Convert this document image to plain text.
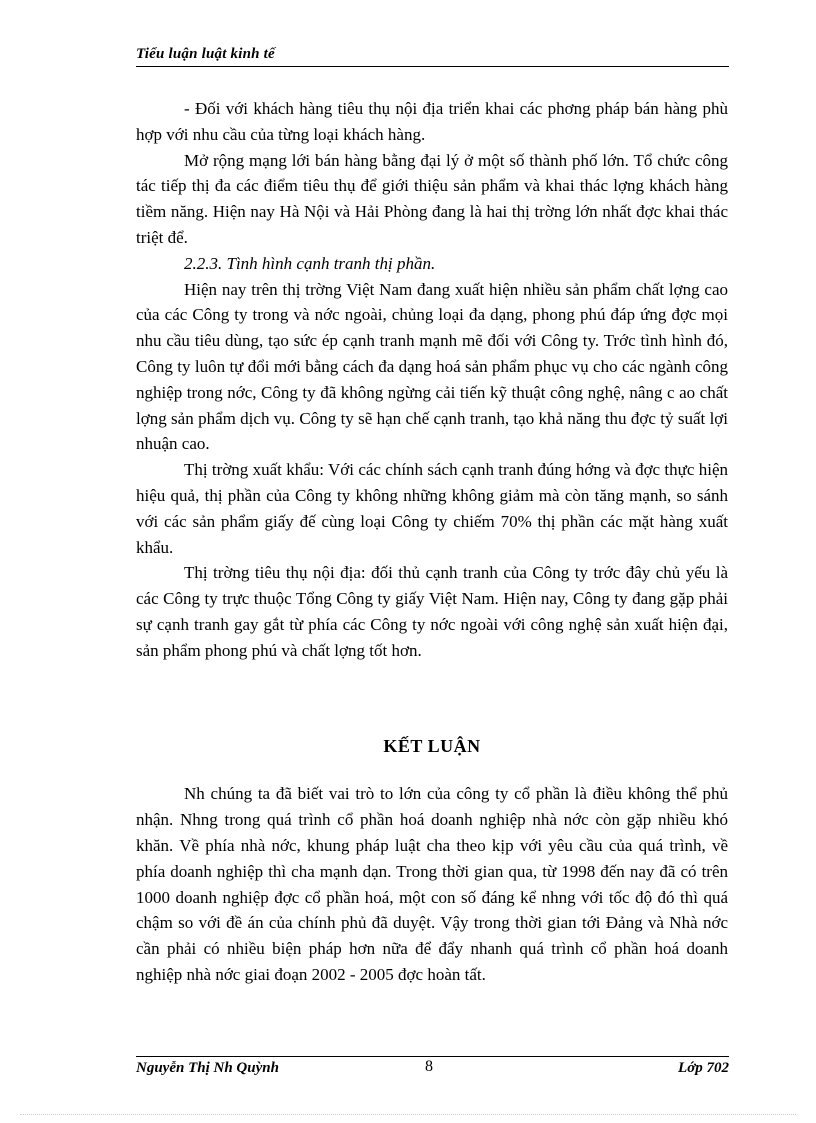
Tiểu luận luật kinh tế

- Đối với khách hàng tiêu thụ nội địa triển khai các phơng pháp bán hàng phù hợp với nhu cầu của từng loại khách hàng.

Mở rộng mạng lới bán hàng bằng đại lý ở một số thành phố lớn. Tổ chức công tác tiếp thị đa các điểm tiêu thụ để giới thiệu sản phẩm và khai thác lợng khách hàng tiềm năng. Hiện nay Hà Nội và Hải Phòng đang là hai thị trờng lớn nhất đợc khai thác triệt để.

2.2.3. Tình hình cạnh tranh thị phần.

Hiện nay trên thị trờng Việt Nam đang xuất hiện nhiều sản phẩm chất lợng cao của các Công ty trong và nớc ngoài, chủng loại đa dạng, phong phú đáp ứng đợc mọi nhu cầu tiêu dùng, tạo sức ép cạnh tranh mạnh mẽ đối với Công ty. Trớc tình hình đó, Công ty luôn tự đổi mới bằng cách đa dạng hoá sản phẩm phục vụ cho các ngành công nghiệp trong nớc, Công ty đã không ngừng cải tiến kỹ thuật công nghệ, nâng c ao chất lợng sản phẩm dịch vụ. Công ty sẽ hạn chế cạnh tranh, tạo khả năng thu đợc tỷ suất lợi nhuận cao.

Thị trờng xuất khẩu: Với các chính sách cạnh tranh đúng hớng và đợc thực hiện hiệu quả, thị phần của Công ty không những không giảm mà còn tăng mạnh, so sánh với các sản phẩm giấy đế cùng loại Công ty chiếm 70% thị phần các mặt hàng xuất khẩu.

Thị trờng tiêu thụ nội địa: đối thủ cạnh tranh của Công ty trớc đây chủ yếu là các Công ty trực thuộc Tổng Công ty giấy Việt Nam. Hiện nay, Công ty đang gặp phải sự cạnh tranh gay gắt từ phía các Công ty nớc ngoài với công nghệ sản xuất hiện đại, sản phẩm phong phú và chất lợng tốt hơn.

KẾT LUẬN

Nh chúng ta đã biết vai trò to lớn của công ty cổ phần là điều không thể phủ nhận. Nhng trong quá trình cổ phần hoá doanh nghiệp nhà nớc còn gặp nhiều khó khăn. Về phía nhà nớc, khung pháp luật cha theo kịp với yêu cầu của quá trình, về phía doanh nghiệp thì cha mạnh dạn. Trong thời gian qua, từ 1998 đến nay đã có trên 1000 doanh nghiệp đợc cổ phần hoá, một con số đáng kể nhng với tốc độ đó thì quá chậm so với đề án của chính phủ đã duyệt. Vậy trong thời gian tới Đảng và Nhà nớc cần phải có nhiều biện pháp hơn nữa để đẩy nhanh quá trình cổ phần hoá doanh nghiệp nhà nớc giai đoạn 2002 - 2005 đợc hoàn tất.

Nguyễn Thị Nh Quỳnh	8	Lớp 702
